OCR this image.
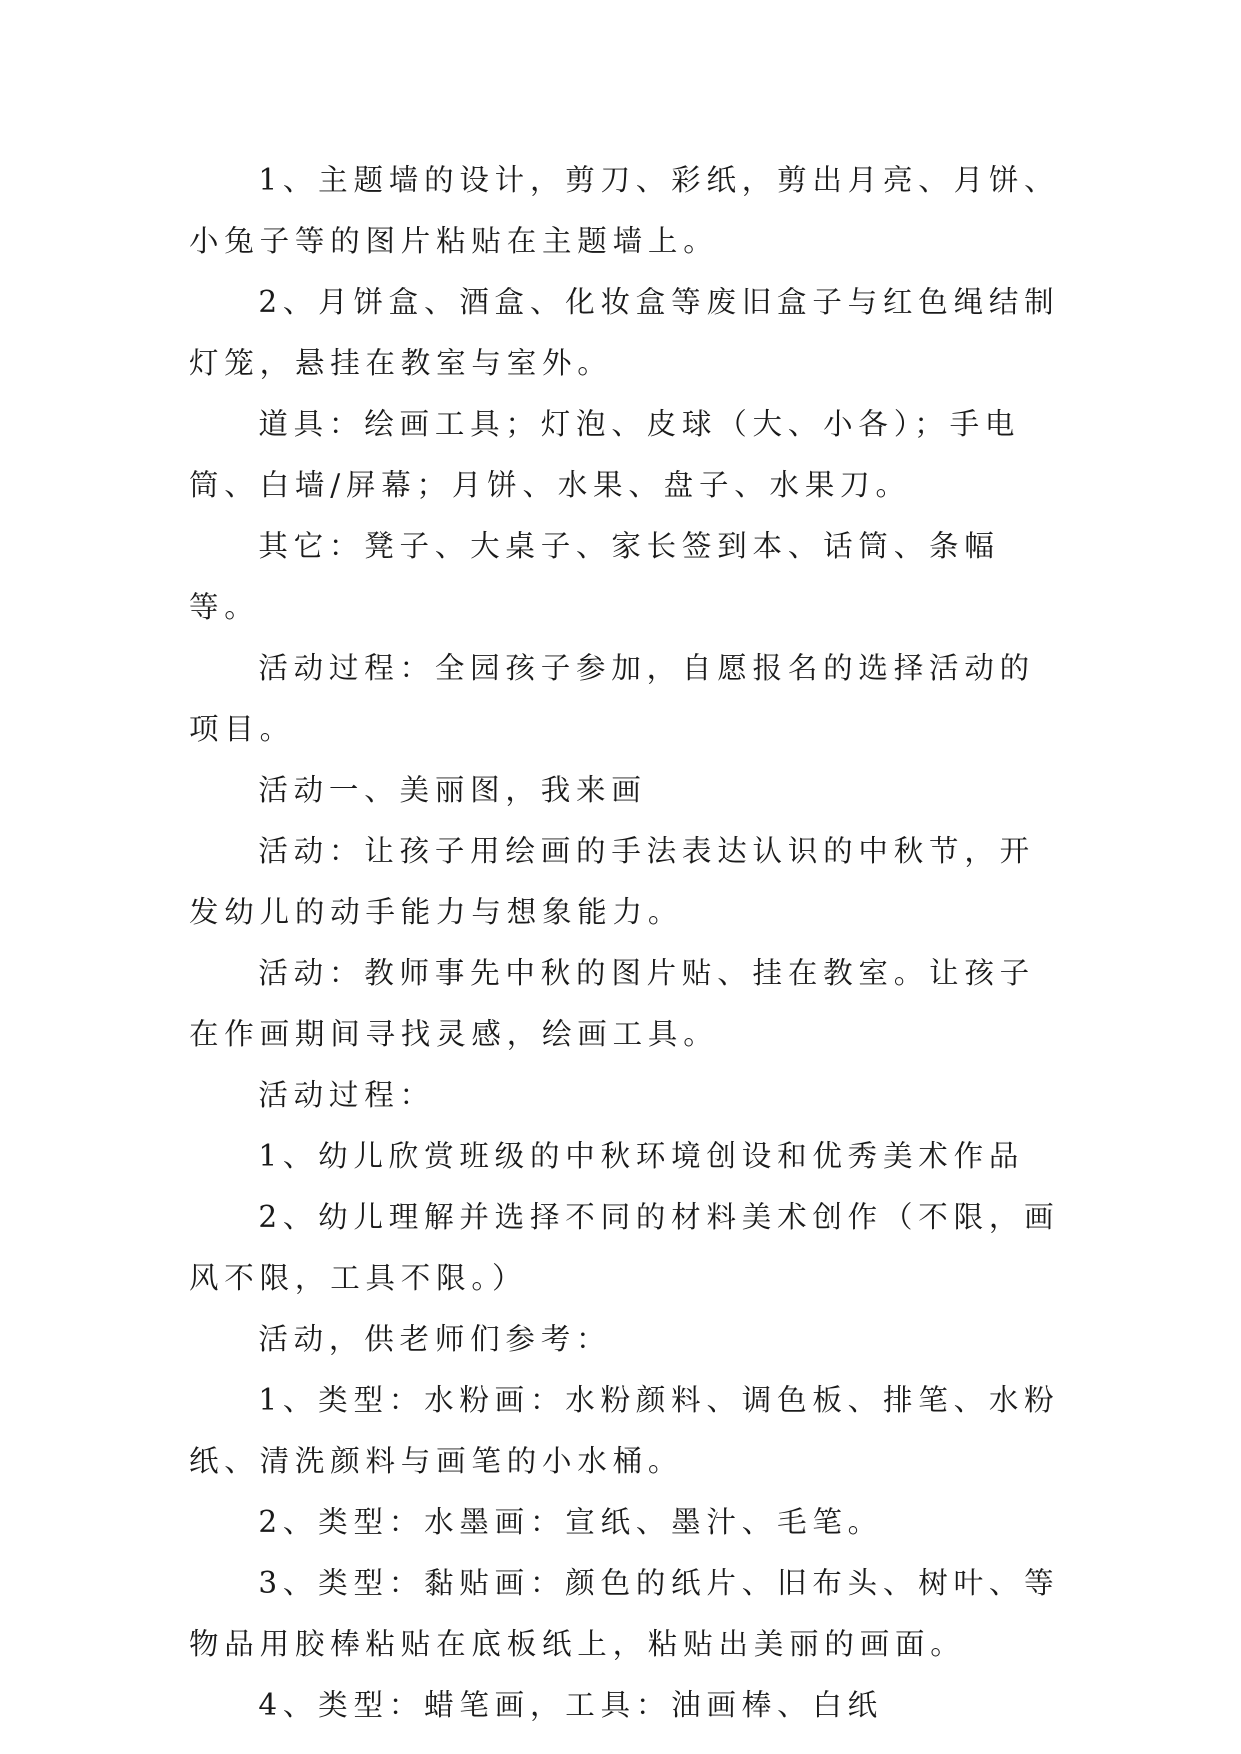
1、主题墙的设计，剪刀、彩纸，剪出月亮、月饼、小兔子等的图片粘贴在主题墙上。

2、月饼盒、酒盒、化妆盒等废旧盒子与红色绳结制灯笼，悬挂在教室与室外。

道具：绘画工具；灯泡、皮球（大、小各）；手电筒、白墙/屏幕；月饼、水果、盘子、水果刀。

其它：凳子、大桌子、家长签到本、话筒、条幅等。

活动过程：全园孩子参加，自愿报名的选择活动的项目。

活动一、美丽图，我来画

活动：让孩子用绘画的手法表达认识的中秋节，开发幼儿的动手能力与想象能力。

活动：教师事先中秋的图片贴、挂在教室。让孩子在作画期间寻找灵感，绘画工具。

活动过程：

1、幼儿欣赏班级的中秋环境创设和优秀美术作品

2、幼儿理解并选择不同的材料美术创作（不限，画风不限，工具不限。）

活动，供老师们参考：

1、类型：水粉画：水粉颜料、调色板、排笔、水粉纸、清洗颜料与画笔的小水桶。

2、类型：水墨画：宣纸、墨汁、毛笔。

3、类型：黏贴画：颜色的纸片、旧布头、树叶、等物品用胶棒粘贴在底板纸上，粘贴出美丽的画面。

4、类型：蜡笔画，工具：油画棒、白纸
